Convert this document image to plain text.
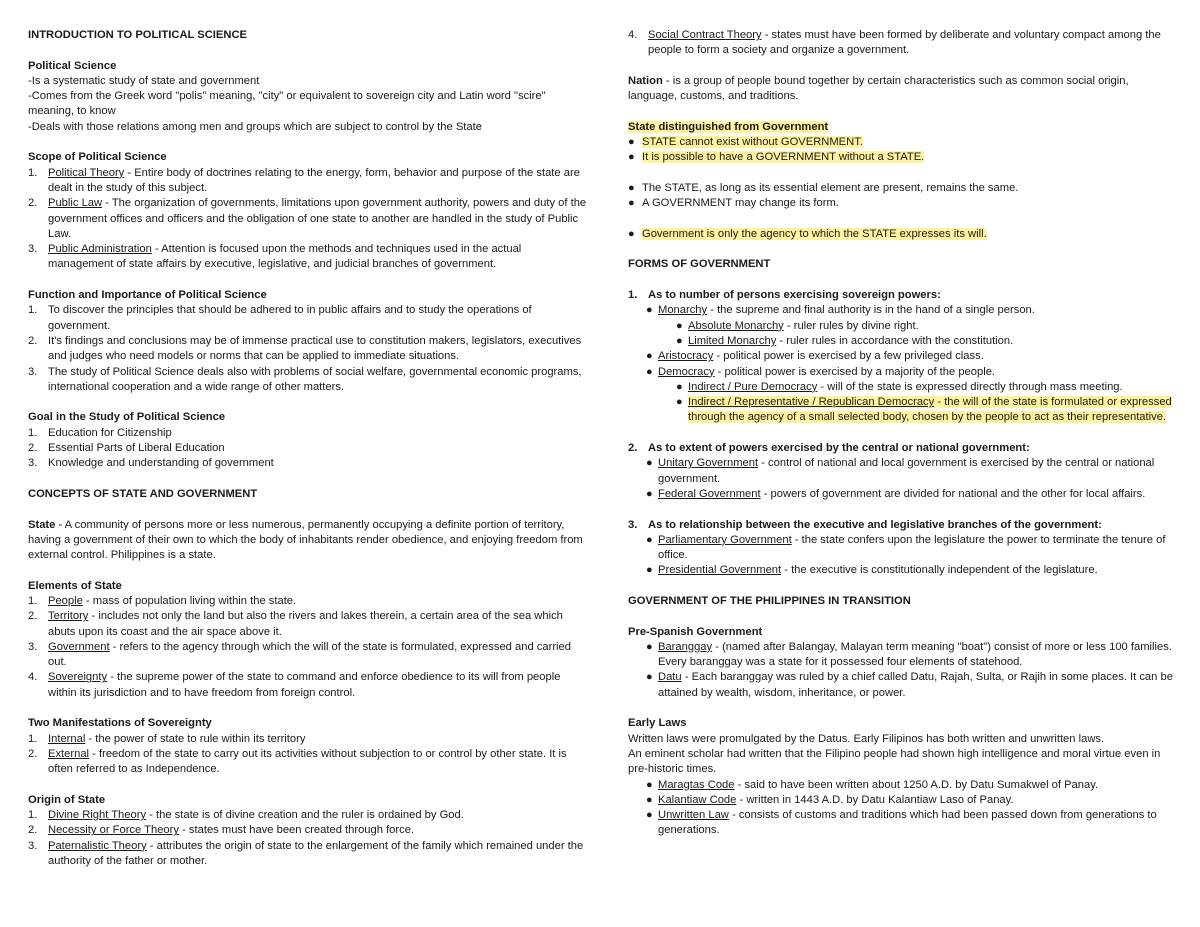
INTRODUCTION TO POLITICAL SCIENCE
Political Science
-Is a systematic study of state and government
-Comes from the Greek word "polis" meaning, "city" or equivalent to sovereign city and Latin word "scire" meaning, to know
-Deals with those relations among men and groups which are subject to control by the State
Scope of Political Science
1. Political Theory - Entire body of doctrines relating to the energy, form, behavior and purpose of the state are dealt in the study of this subject.
2. Public Law - The organization of governments, limitations upon government authority, powers and duty of the government offices and officers and the obligation of one state to another are handled in the study of Public Law.
3. Public Administration - Attention is focused upon the methods and techniques used in the actual management of state affairs by executive, legislative, and judicial branches of government.
Function and Importance of Political Science
1. To discover the principles that should be adhered to in public affairs and to study the operations of government.
2. It's findings and conclusions may be of immense practical use to constitution makers, legislators, executives and judges who need models or norms that can be applied to immediate situations.
3. The study of Political Science deals also with problems of social welfare, governmental economic programs, international cooperation and a wide range of other matters.
Goal in the Study of Political Science
1. Education for Citizenship
2. Essential Parts of Liberal Education
3. Knowledge and understanding of government
CONCEPTS OF STATE AND GOVERNMENT
State - A community of persons more or less numerous, permanently occupying a definite portion of territory, having a government of their own to which the body of inhabitants render obedience, and enjoying freedom from external control. Philippines is a state.
Elements of State
1. People - mass of population living within the state.
2. Territory - includes not only the land but also the rivers and lakes therein, a certain area of the sea which abuts upon its coast and the air space above it.
3. Government - refers to the agency through which the will of the state is formulated, expressed and carried out.
4. Sovereignty - the supreme power of the state to command and enforce obedience to its will from people within its jurisdiction and to have freedom from foreign control.
Two Manifestations of Sovereignty
1. Internal - the power of state to rule within its territory
2. External - freedom of the state to carry out its activities without subjection to or control by other state. It is often referred to as Independence.
Origin of State
1. Divine Right Theory - the state is of divine creation and the ruler is ordained by God.
2. Necessity or Force Theory - states must have been created through force.
3. Paternalistic Theory - attributes the origin of state to the enlargement of the family which remained under the authority of the father or mother.
4. Social Contract Theory - states must have been formed by deliberate and voluntary compact among the people to form a society and organize a government.
Nation - is a group of people bound together by certain characteristics such as common social origin, language, customs, and traditions.
State distinguished from Government
● STATE cannot exist without GOVERNMENT.
● It is possible to have a GOVERNMENT without a STATE.
● The STATE, as long as its essential element are present, remains the same.
● A GOVERNMENT may change its form.
● Government is only the agency to which the STATE expresses its will.
FORMS OF GOVERNMENT
1. As to number of persons exercising sovereign powers:
● Monarchy - the supreme and final authority is in the hand of a single person.
● Absolute Monarchy - ruler rules by divine right.
● Limited Monarchy - ruler rules in accordance with the constitution.
● Aristocracy - political power is exercised by a few privileged class.
● Democracy - political power is exercised by a majority of the people.
● Indirect / Pure Democracy - will of the state is expressed directly through mass meeting.
● Indirect / Representative / Republican Democracy - the will of the state is formulated or expressed through the agency of a small selected body, chosen by the people to act as their representative.
2. As to extent of powers exercised by the central or national government:
● Unitary Government - control of national and local government is exercised by the central or national government.
● Federal Government - powers of government are divided for national and the other for local affairs.
3. As to relationship between the executive and legislative branches of the government:
● Parliamentary Government - the state confers upon the legislature the power to terminate the tenure of office.
● Presidential Government - the executive is constitutionally independent of the legislature.
GOVERNMENT OF THE PHILIPPINES IN TRANSITION
Pre-Spanish Government
● Baranggay - (named after Balangay, Malayan term meaning "boat") consist of more or less 100 families. Every baranggay was a state for it possessed four elements of statehood.
● Datu - Each baranggay was ruled by a chief called Datu, Rajah, Sulta, or Rajih in some places. It can be attained by wealth, wisdom, inheritance, or power.
Early Laws
Written laws were promulgated by the Datus. Early Filipinos has both written and unwritten laws.
An eminent scholar had written that the Filipino people had shown high intelligence and moral virtue even in pre-historic times.
● Maragtas Code - said to have been written about 1250 A.D. by Datu Sumakwel of Panay.
● Kalantiaw Code - written in 1443 A.D. by Datu Kalantiaw Laso of Panay.
● Unwritten Law - consists of customs and traditions which had been passed down from generations to generations.
